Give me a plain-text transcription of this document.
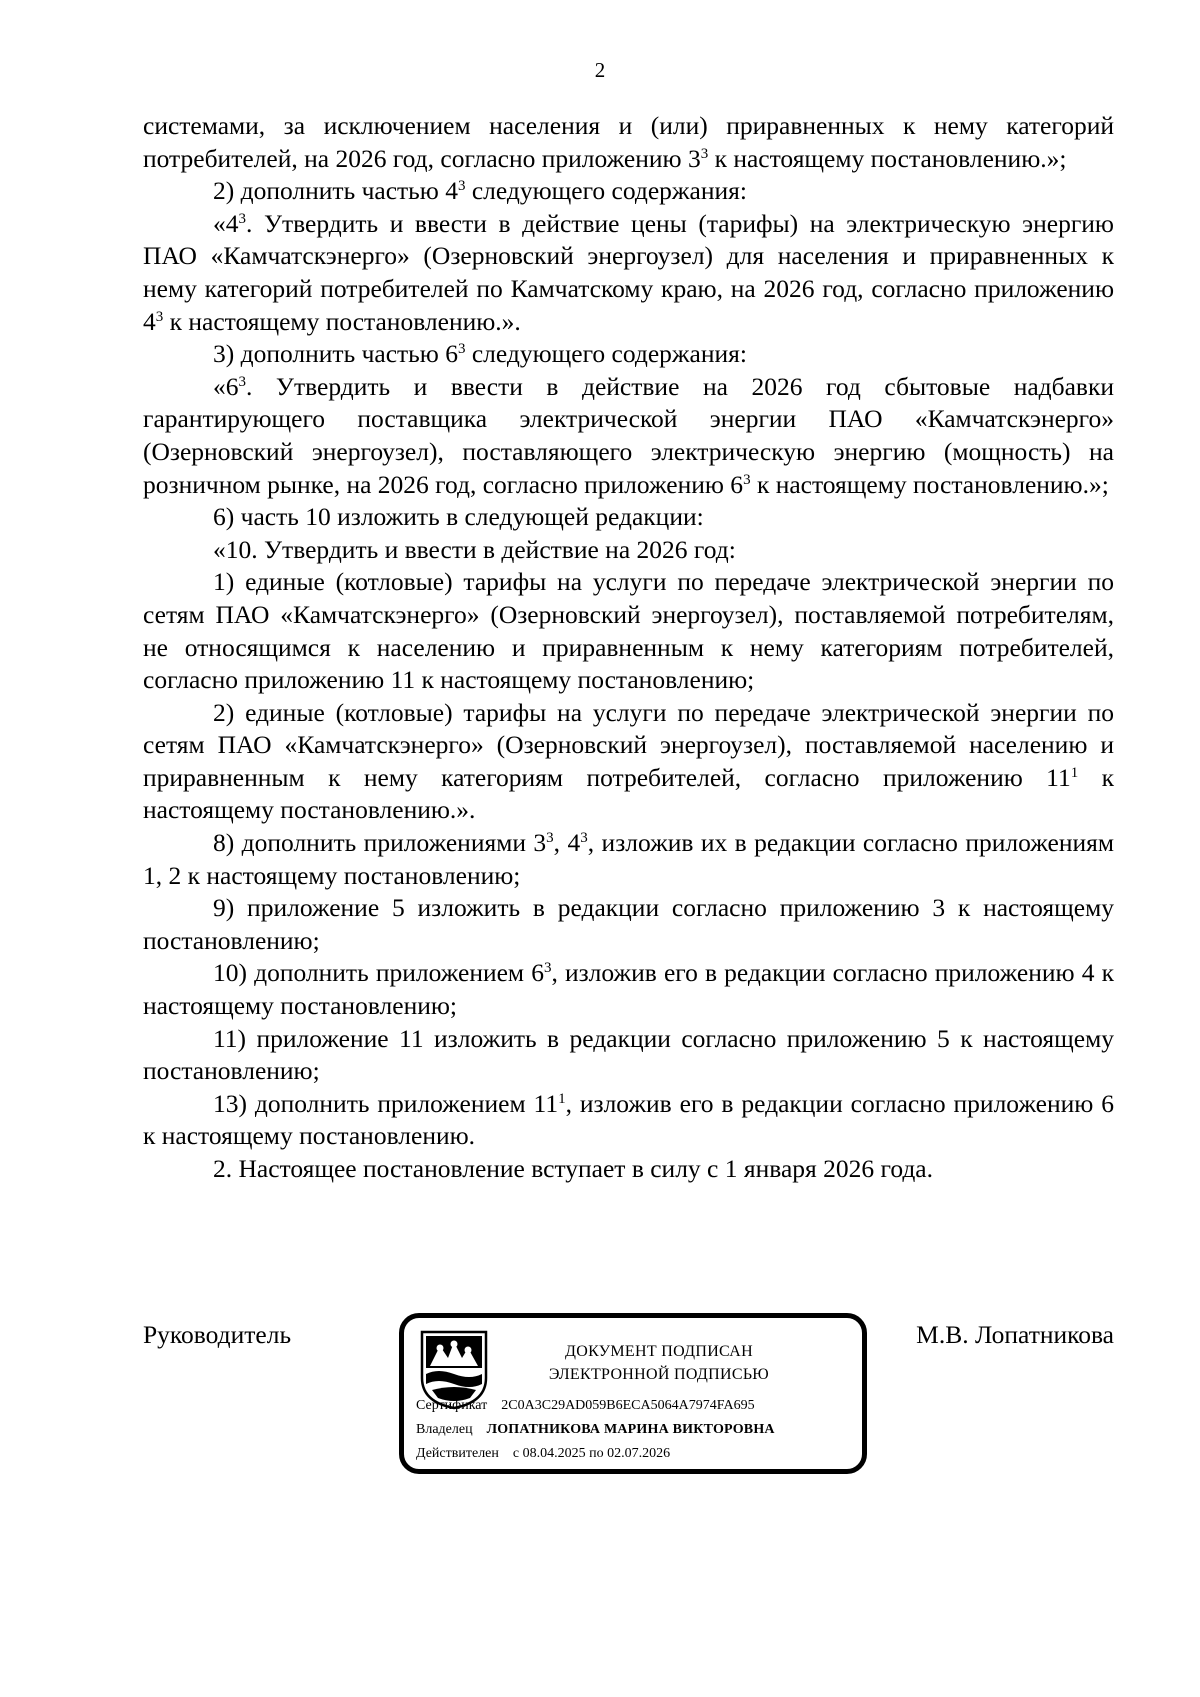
2

системами, за исключением населения и (или) приравненных к нему категорий потребителей, на 2026 год, согласно приложению $3^3$ к настоящему постановлению.»;

2) дополнить частью $4^3$ следующего содержания:

«$4^3$. Утвердить и ввести в действие цены (тарифы) на электрическую энергию ПАО «Камчатскэнерго» (Озерновский энергоузел) для населения и приравненных к нему категорий потребителей по Камчатскому краю, на 2026 год, согласно приложению $4^3$ к настоящему постановлению.».

3) дополнить частью $6^3$ следующего содержания:

«$6^3$. Утвердить и ввести в действие на 2026 год сбытовые надбавки гарантирующего поставщика электрической энергии ПАО «Камчатскэнерго» (Озерновский энергоузел), поставляющего электрическую энергию (мощность) на розничном рынке, на 2026 год, согласно приложению $6^3$ к настоящему постановлению.»;

6) часть 10 изложить в следующей редакции:

«10. Утвердить и ввести в действие на 2026 год:

1) единые (котловые) тарифы на услуги по передаче электрической энергии по сетям ПАО «Камчатскэнерго» (Озерновский энергоузел), поставляемой потребителям, не относящимся к населению и приравненным к нему категориям потребителей, согласно приложению 11 к настоящему постановлению;

2) единые (котловые) тарифы на услуги по передаче электрической энергии по сетям ПАО «Камчатскэнерго» (Озерновский энергоузел), поставляемой населению и приравненным к нему категориям потребителей, согласно приложению $11^1$ к настоящему постановлению.».

8) дополнить приложениями $3^3$, $4^3$, изложив их в редакции согласно приложениям 1, 2 к настоящему постановлению;

9) приложение 5 изложить в редакции согласно приложению 3 к настоящему постановлению;

10) дополнить приложением $6^3$, изложив его в редакции согласно приложению 4 к настоящему постановлению;

11) приложение 11 изложить в редакции согласно приложению 5 к настоящему постановлению;

13) дополнить приложением $11^1$, изложив его в редакции согласно приложению 6 к настоящему постановлению.

2. Настоящее постановление вступает в силу с 1 января 2026 года.

Руководитель	М.В. Лопатникова
ДОКУМЕНТ ПОДПИСАН
ЭЛЕКТРОННОЙ ПОДПИСЬЮ
Сертификат 2C0A3C29AD059B6ECA5064A7974FA695
Владелец ЛОПАТНИКОВА МАРИНА ВИКТОРОВНА
Действителен с 08.04.2025 по 02.07.2026
